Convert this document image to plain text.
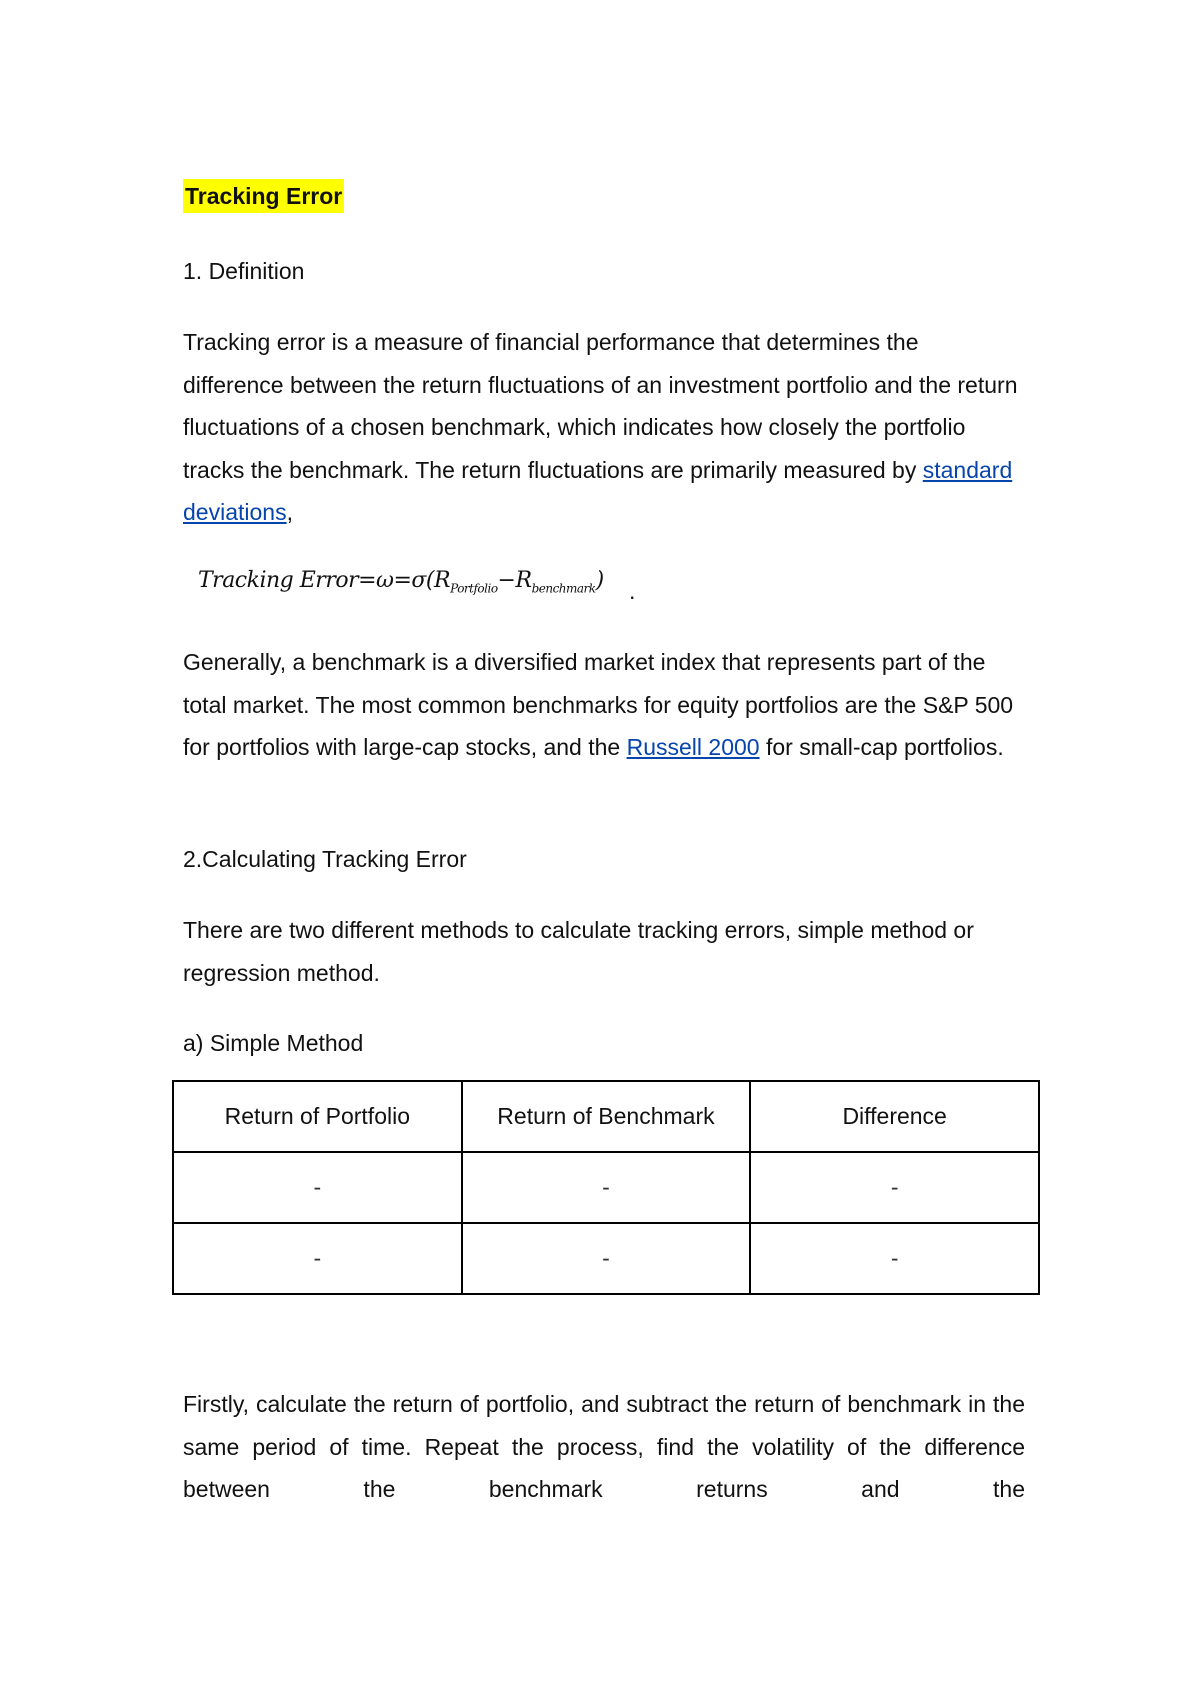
Tracking Error
1. Definition

Tracking error is a measure of financial performance that determines the difference between the return fluctuations of an investment portfolio and the return fluctuations of a chosen benchmark, which indicates how closely the portfolio tracks the benchmark. The return fluctuations are primarily measured by standard deviations,

Tracking $Error=\omega=\sigma(R_{Portfolio}-R_{benchmark})$ .

Generally, a benchmark is a diversified market index that represents part of the total market. The most common benchmarks for equity portfolios are the S&P 500 for portfolios with large-cap stocks, and the Russell 2000 for small-cap portfolios.

2.Calculating Tracking Error

There are two different methods to calculate tracking errors, simple method or regression method.

a) Simple Method

Firstly, calculate the return of portfolio, and subtract the return of benchmark in the same period of time. Repeat the process, find the volatility of the difference between the benchmark returns and the

Return of Portfolio	Return of Benchmark	Difference
-	-	-
-	-	-
